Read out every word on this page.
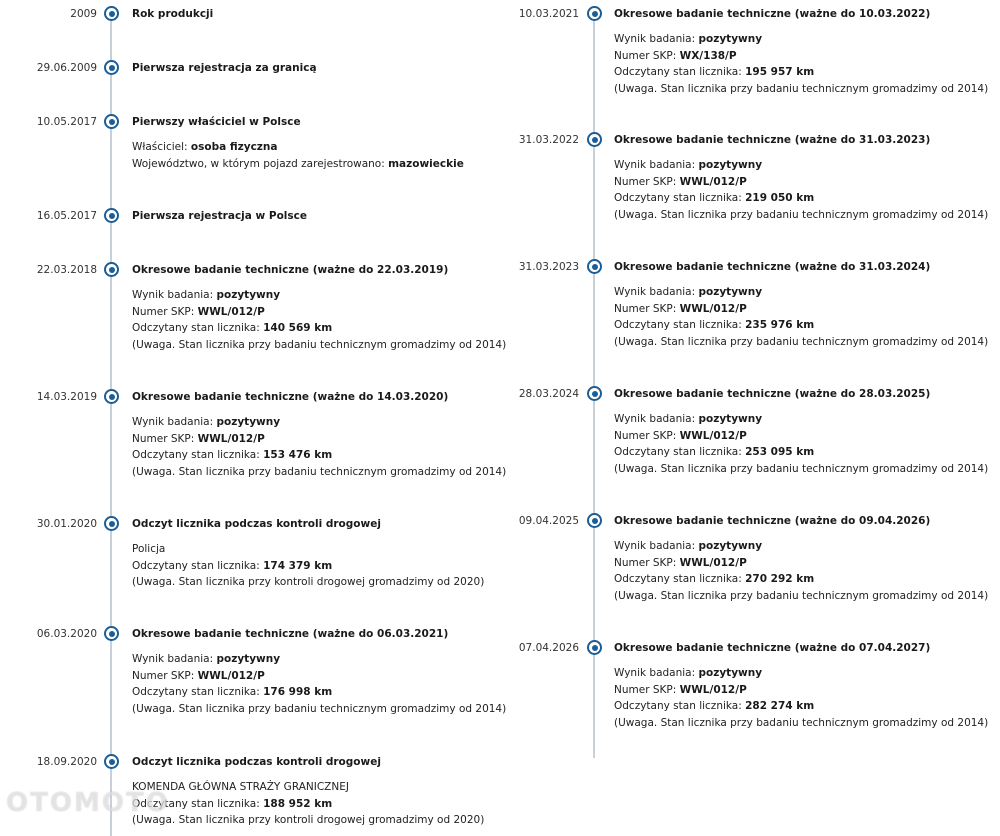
2009	Rok produkcji
29.06.2009	Pierwsza rejestracja za granicą
10.05.2017	Pierwszy właściciel w Polsce
Właściciel: osoba fizyczna
Województwo, w którym pojazd zarejestrowano: mazowieckie
16.05.2017	Pierwsza rejestracja w Polsce
22.03.2018	Okresowe badanie techniczne (ważne do 22.03.2019)
Wynik badania: pozytywny
Numer SKP: WWL/012/P
Odczytany stan licznika: 140 569 km
(Uwaga. Stan licznika przy badaniu technicznym gromadzimy od 2014)
14.03.2019	Okresowe badanie techniczne (ważne do 14.03.2020)
Wynik badania: pozytywny
Numer SKP: WWL/012/P
Odczytany stan licznika: 153 476 km
(Uwaga. Stan licznika przy badaniu technicznym gromadzimy od 2014)
30.01.2020	Odczyt licznika podczas kontroli drogowej
Policja
Odczytany stan licznika: 174 379 km
(Uwaga. Stan licznika przy kontroli drogowej gromadzimy od 2020)
06.03.2020	Okresowe badanie techniczne (ważne do 06.03.2021)
Wynik badania: pozytywny
Numer SKP: WWL/012/P
Odczytany stan licznika: 176 998 km
(Uwaga. Stan licznika przy badaniu technicznym gromadzimy od 2014)
18.09.2020	Odczyt licznika podczas kontroli drogowej
KOMENDA GŁÓWNA STRAŻY GRANICZNEJ
Odczytany stan licznika: 188 952 km
(Uwaga. Stan licznika przy kontroli drogowej gromadzimy od 2020)
10.03.2021	Okresowe badanie techniczne (ważne do 10.03.2022)
Wynik badania: pozytywny
Numer SKP: WX/138/P
Odczytany stan licznika: 195 957 km
(Uwaga. Stan licznika przy badaniu technicznym gromadzimy od 2014)
31.03.2022	Okresowe badanie techniczne (ważne do 31.03.2023)
Wynik badania: pozytywny
Numer SKP: WWL/012/P
Odczytany stan licznika: 219 050 km
(Uwaga. Stan licznika przy badaniu technicznym gromadzimy od 2014)
31.03.2023	Okresowe badanie techniczne (ważne do 31.03.2024)
Wynik badania: pozytywny
Numer SKP: WWL/012/P
Odczytany stan licznika: 235 976 km
(Uwaga. Stan licznika przy badaniu technicznym gromadzimy od 2014)
28.03.2024	Okresowe badanie techniczne (ważne do 28.03.2025)
Wynik badania: pozytywny
Numer SKP: WWL/012/P
Odczytany stan licznika: 253 095 km
(Uwaga. Stan licznika przy badaniu technicznym gromadzimy od 2014)
09.04.2025	Okresowe badanie techniczne (ważne do 09.04.2026)
Wynik badania: pozytywny
Numer SKP: WWL/012/P
Odczytany stan licznika: 270 292 km
(Uwaga. Stan licznika przy badaniu technicznym gromadzimy od 2014)
07.04.2026	Okresowe badanie techniczne (ważne do 07.04.2027)
Wynik badania: pozytywny
Numer SKP: WWL/012/P
Odczytany stan licznika: 282 274 km
(Uwaga. Stan licznika przy badaniu technicznym gromadzimy od 2014)
OTOMOTO
